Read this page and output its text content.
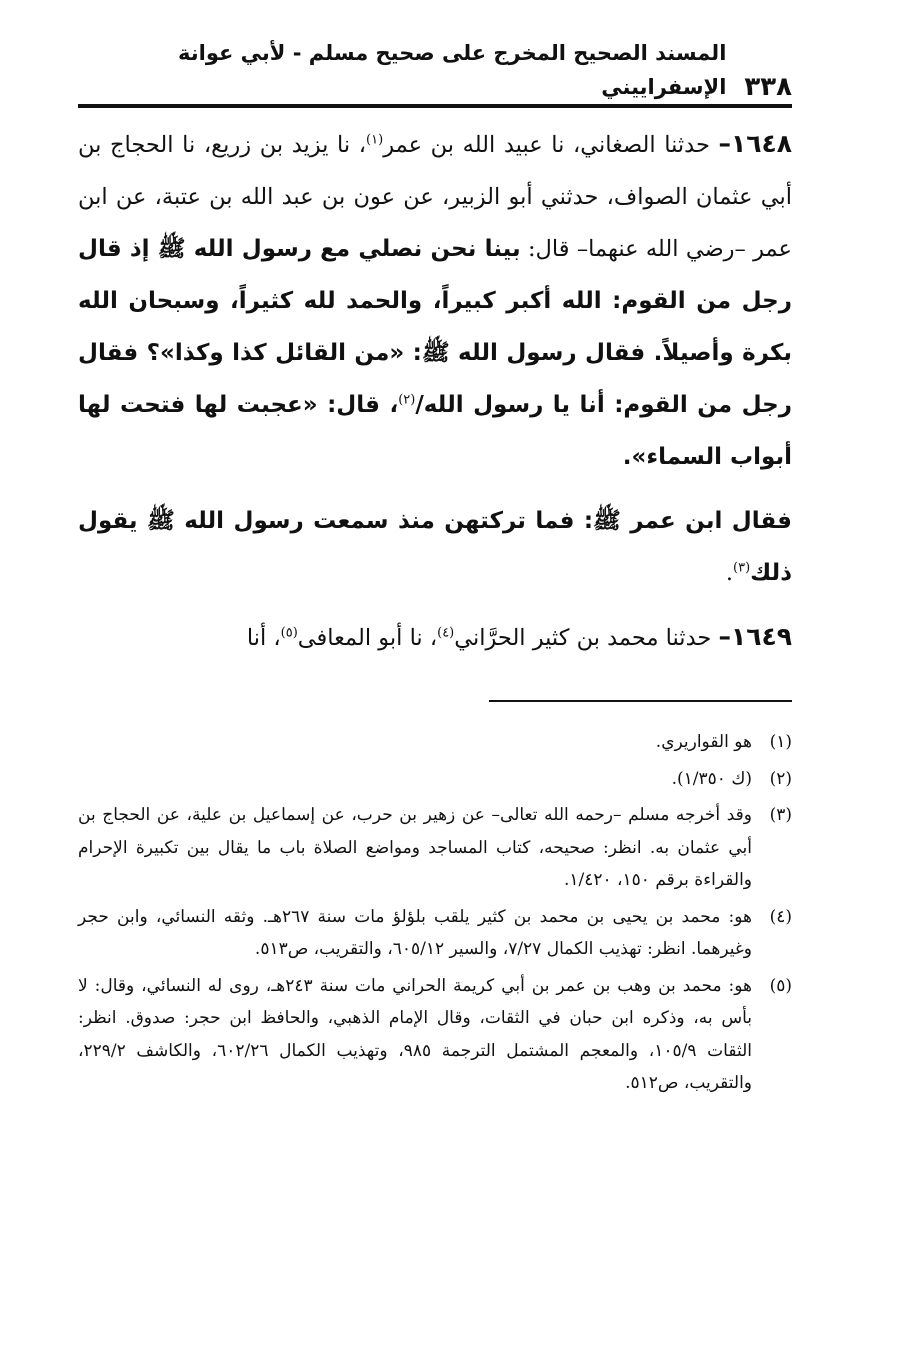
٣٣٨
المسند الصحيح المخرج على صحيح مسلم - لأبي عوانة الإسفراييني

١٦٤٨– حدثنا الصغاني، نا عبيد الله بن عمر$^{(١)}$، نا يزيد بن زريع، نا الحجاج بن أبي عثمان الصواف، حدثني أبو الزبير، عن عون بن عبد الله بن عتبة، عن ابن عمر –رضي الله عنهما– قال: بينا نحن نصلي مع رسول الله ﷺ إذ قال رجل من القوم: الله أكبر كبيراً، والحمد لله كثيراً، وسبحان الله بكرة وأصيلاً. فقال رسول الله ﷺ: «من القائل كذا وكذا»؟ فقال رجل من القوم: أنا يا رسول الله/$^{(٢)}$، قال: «عجبت لها فتحت لها أبواب السماء».

فقال ابن عمر ﷺ: فما تركتهن منذ سمعت رسول الله ﷺ يقول ذلك$^{(٣)}$.

١٦٤٩– حدثنا محمد بن كثير الحرَّاني$^{(٤)}$، نا أبو المعافى$^{(٥)}$، أنا

(١)
هو القواريري.
(٢)
(ك ١/٣٥٠).
(٣)
وقد أخرجه مسلم –رحمه الله تعالى– عن زهير بن حرب، عن إسماعيل بن علية، عن الحجاج بن أبي عثمان به. انظر: صحيحه، كتاب المساجد ومواضع الصلاة باب ما يقال بين تكبيرة الإحرام والقراءة برقم ١٥٠، ١/٤٢٠.
(٤)
هو: محمد بن يحيى بن محمد بن كثير يلقب بلؤلؤ مات سنة ٢٦٧هـ. وثقه النسائي، وابن حجر وغيرهما. انظر: تهذيب الكمال ٧/٢٧، والسير ٦٠٥/١٢، والتقريب، ص٥١٣.
(٥)
هو: محمد بن وهب بن عمر بن أبي كريمة الحراني مات سنة ٢٤٣هـ، روى له النسائي، وقال: لا بأس به، وذكره ابن حبان في الثقات، وقال الإمام الذهبي، والحافظ ابن حجر: صدوق. انظر: الثقات ١٠٥/٩، والمعجم المشتمل الترجمة ٩٨٥، وتهذيب الكمال ٦٠٢/٢٦، والكاشف ٢٢٩/٢، والتقريب، ص٥١٢.
